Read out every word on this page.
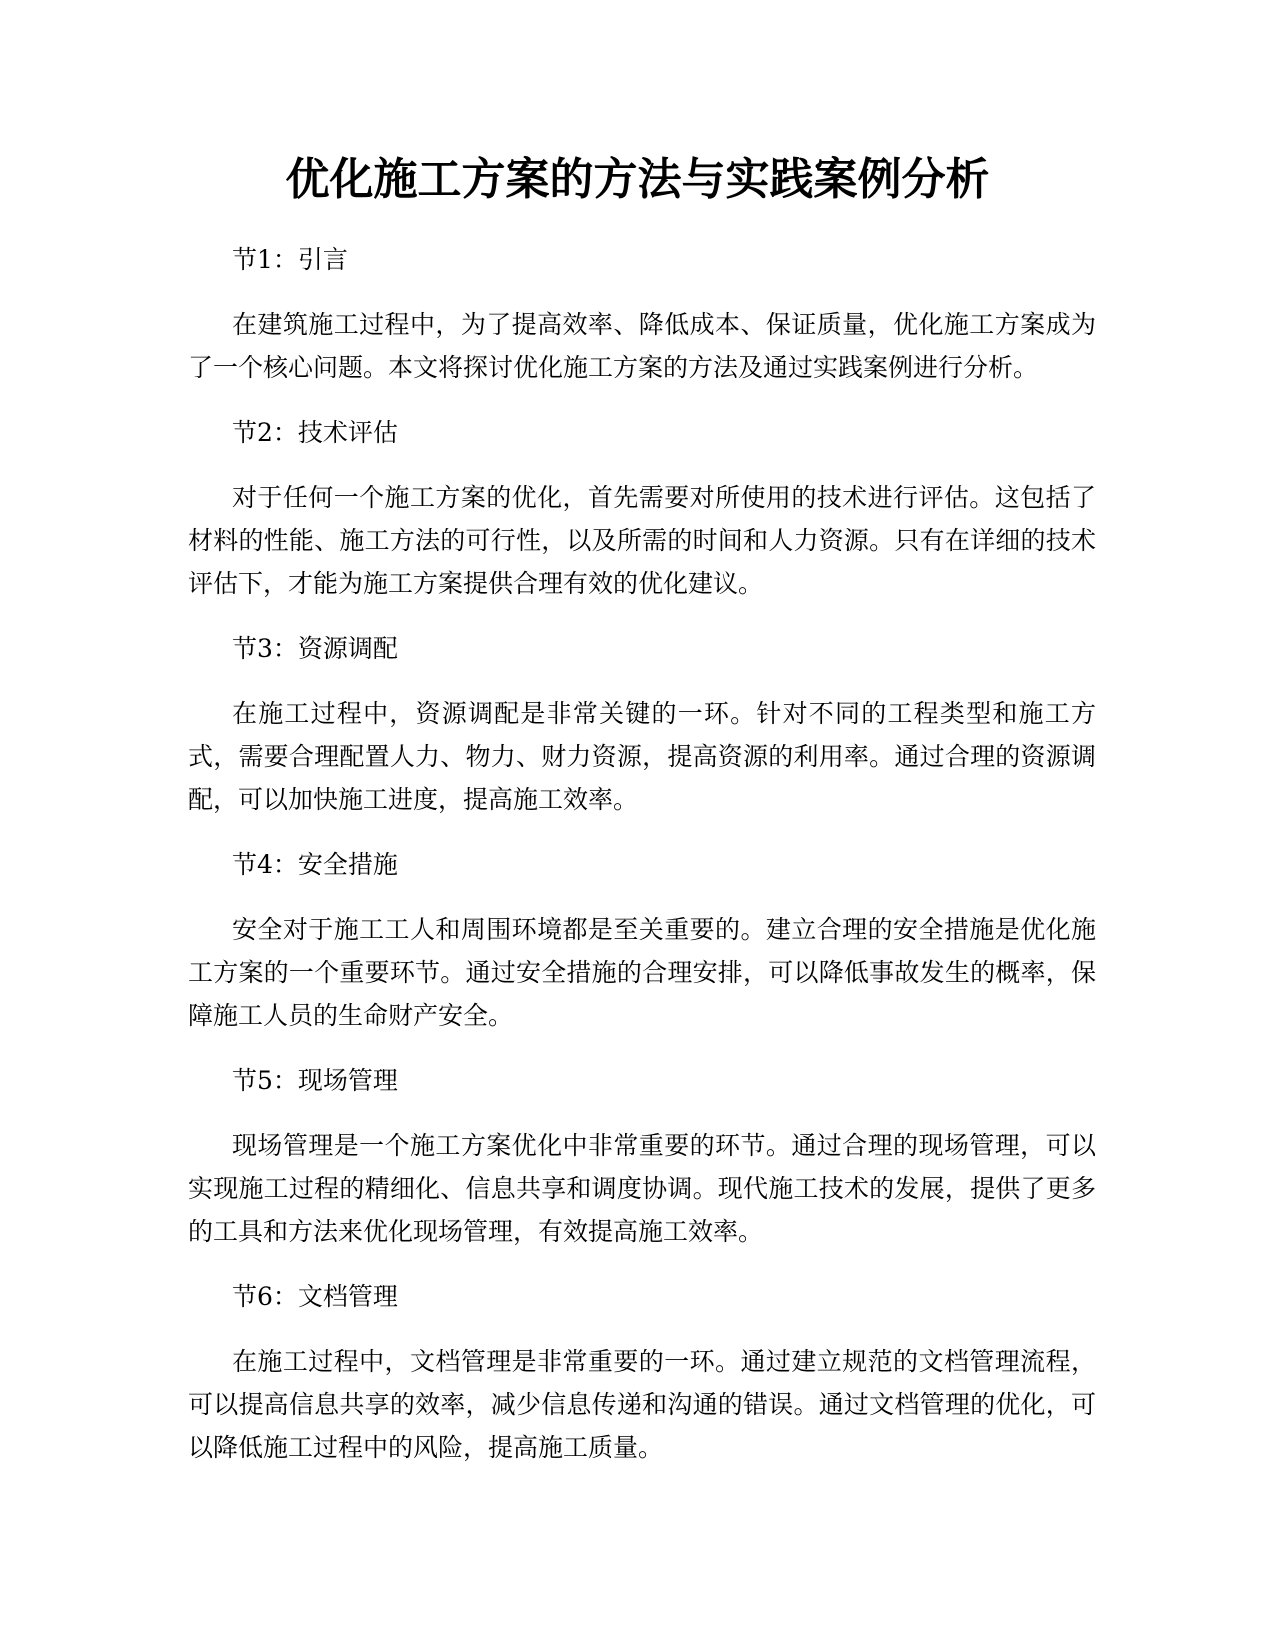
优化施工方案的方法与实践案例分析

节1：引言

在建筑施工过程中，为了提高效率、降低成本、保证质量，优化施工方案成为了一个核心问题。本文将探讨优化施工方案的方法及通过实践案例进行分析。

节2：技术评估

对于任何一个施工方案的优化，首先需要对所使用的技术进行评估。这包括了材料的性能、施工方法的可行性，以及所需的时间和人力资源。只有在详细的技术评估下，才能为施工方案提供合理有效的优化建议。

节3：资源调配

在施工过程中，资源调配是非常关键的一环。针对不同的工程类型和施工方式，需要合理配置人力、物力、财力资源，提高资源的利用率。通过合理的资源调配，可以加快施工进度，提高施工效率。

节4：安全措施

安全对于施工工人和周围环境都是至关重要的。建立合理的安全措施是优化施工方案的一个重要环节。通过安全措施的合理安排，可以降低事故发生的概率，保障施工人员的生命财产安全。

节5：现场管理

现场管理是一个施工方案优化中非常重要的环节。通过合理的现场管理，可以实现施工过程的精细化、信息共享和调度协调。现代施工技术的发展，提供了更多的工具和方法来优化现场管理，有效提高施工效率。

节6：文档管理

在施工过程中，文档管理是非常重要的一环。通过建立规范的文档管理流程，可以提高信息共享的效率，减少信息传递和沟通的错误。通过文档管理的优化，可以降低施工过程中的风险，提高施工质量。
